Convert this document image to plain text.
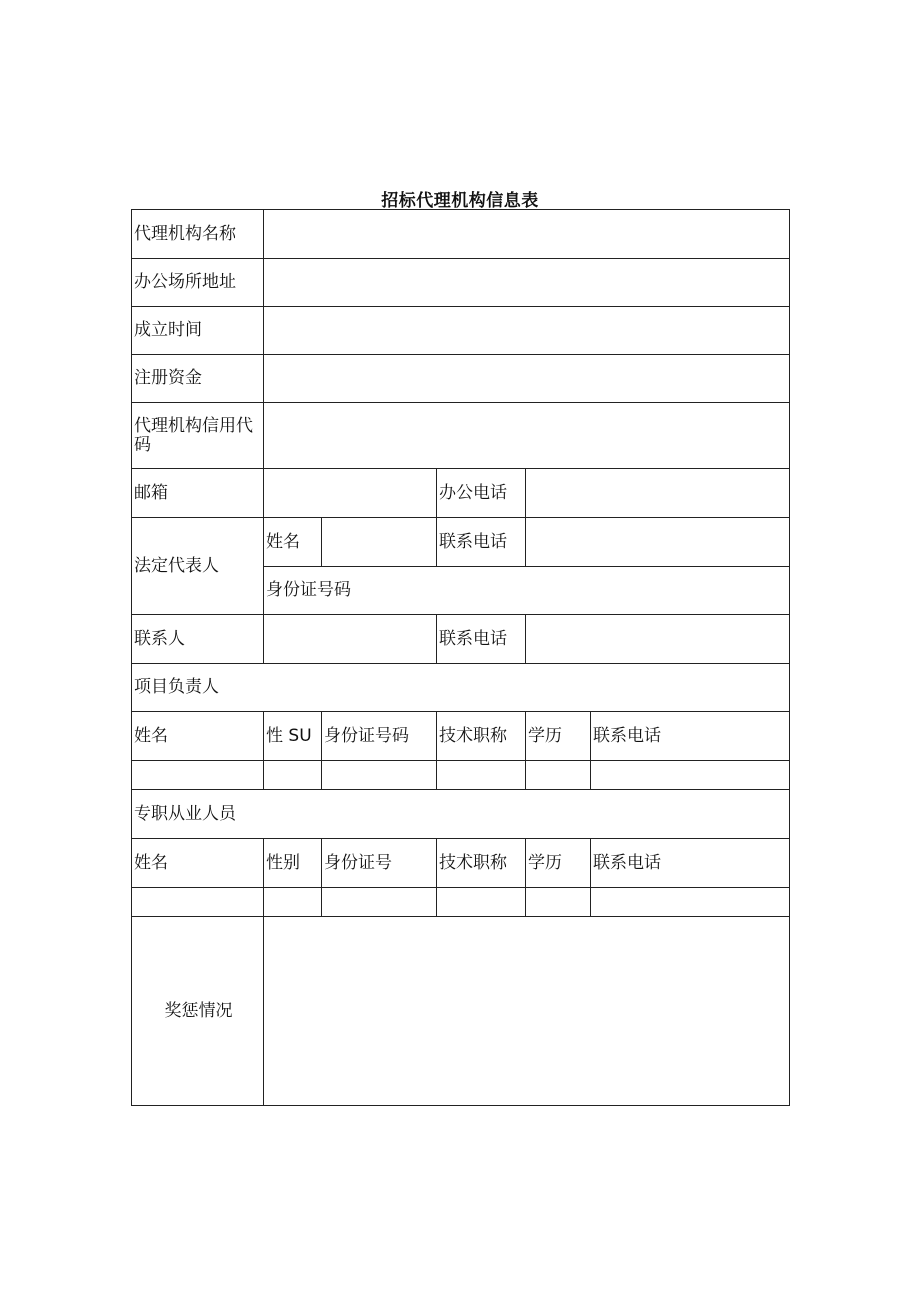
招标代理机构信息表
代理机构名称					
办公场所地址					
成立时间					
注册资金					
代理机构信用代码					
邮箱			办公电话		
法定代表人	姓名		联系电话		
	身份证号码				
联系人			联系电话		
项目负责人					
姓名	性 SU	身份证号码	技术职称	学历	联系电话

专职从业人员					
姓名	性别	身份证号	技术职称	学历	联系电话

奖惩情况					
